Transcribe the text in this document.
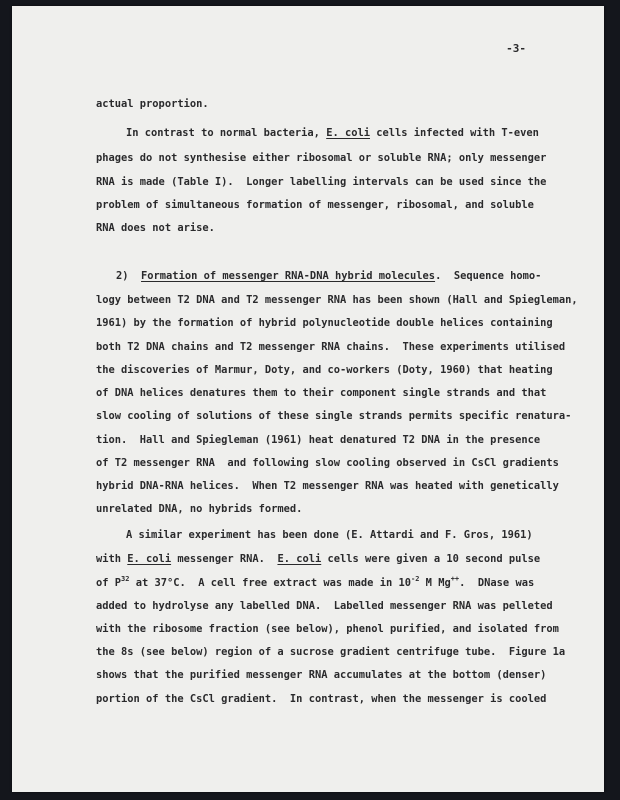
-3-
actual proportion.
In contrast to normal bacteria, E. coli cells infected with T-even
phages do not synthesise either ribosomal or soluble RNA; only messenger
RNA is made (Table I).  Longer labelling intervals can be used since the
problem of simultaneous formation of messenger, ribosomal, and soluble
RNA does not arise.
2)  Formation of messenger RNA-DNA hybrid molecules.  Sequence homo-
logy between T2 DNA and T2 messenger RNA has been shown (Hall and Spiegleman,
1961) by the formation of hybrid polynucleotide double helices containing
both T2 DNA chains and T2 messenger RNA chains.  These experiments utilised
the discoveries of Marmur, Doty, and co-workers (Doty, 1960) that heating
of DNA helices denatures them to their component single strands and that
slow cooling of solutions of these single strands permits specific renatura-
tion.  Hall and Spiegleman (1961) heat denatured T2 DNA in the presence
of T2 messenger RNA  and following slow cooling observed in CsCl gradients
hybrid DNA-RNA helices.  When T2 messenger RNA was heated with genetically
unrelated DNA, no hybrids formed.
A similar experiment has been done (E. Attardi and F. Gros, 1961)
with E. coli messenger RNA.  E. coli cells were given a 10 second pulse
of $P^{32}$ at 37°C.  A cell free extract was made in $10^{-2}$ M Mg++.  DNase was
added to hydrolyse any labelled DNA.  Labelled messenger RNA was pelleted
with the ribosome fraction (see below), phenol purified, and isolated from
the 8s (see below) region of a sucrose gradient centrifuge tube.  Figure 1a
shows that the purified messenger RNA accumulates at the bottom (denser)
portion of the CsCl gradient.  In contrast, when the messenger is cooled
